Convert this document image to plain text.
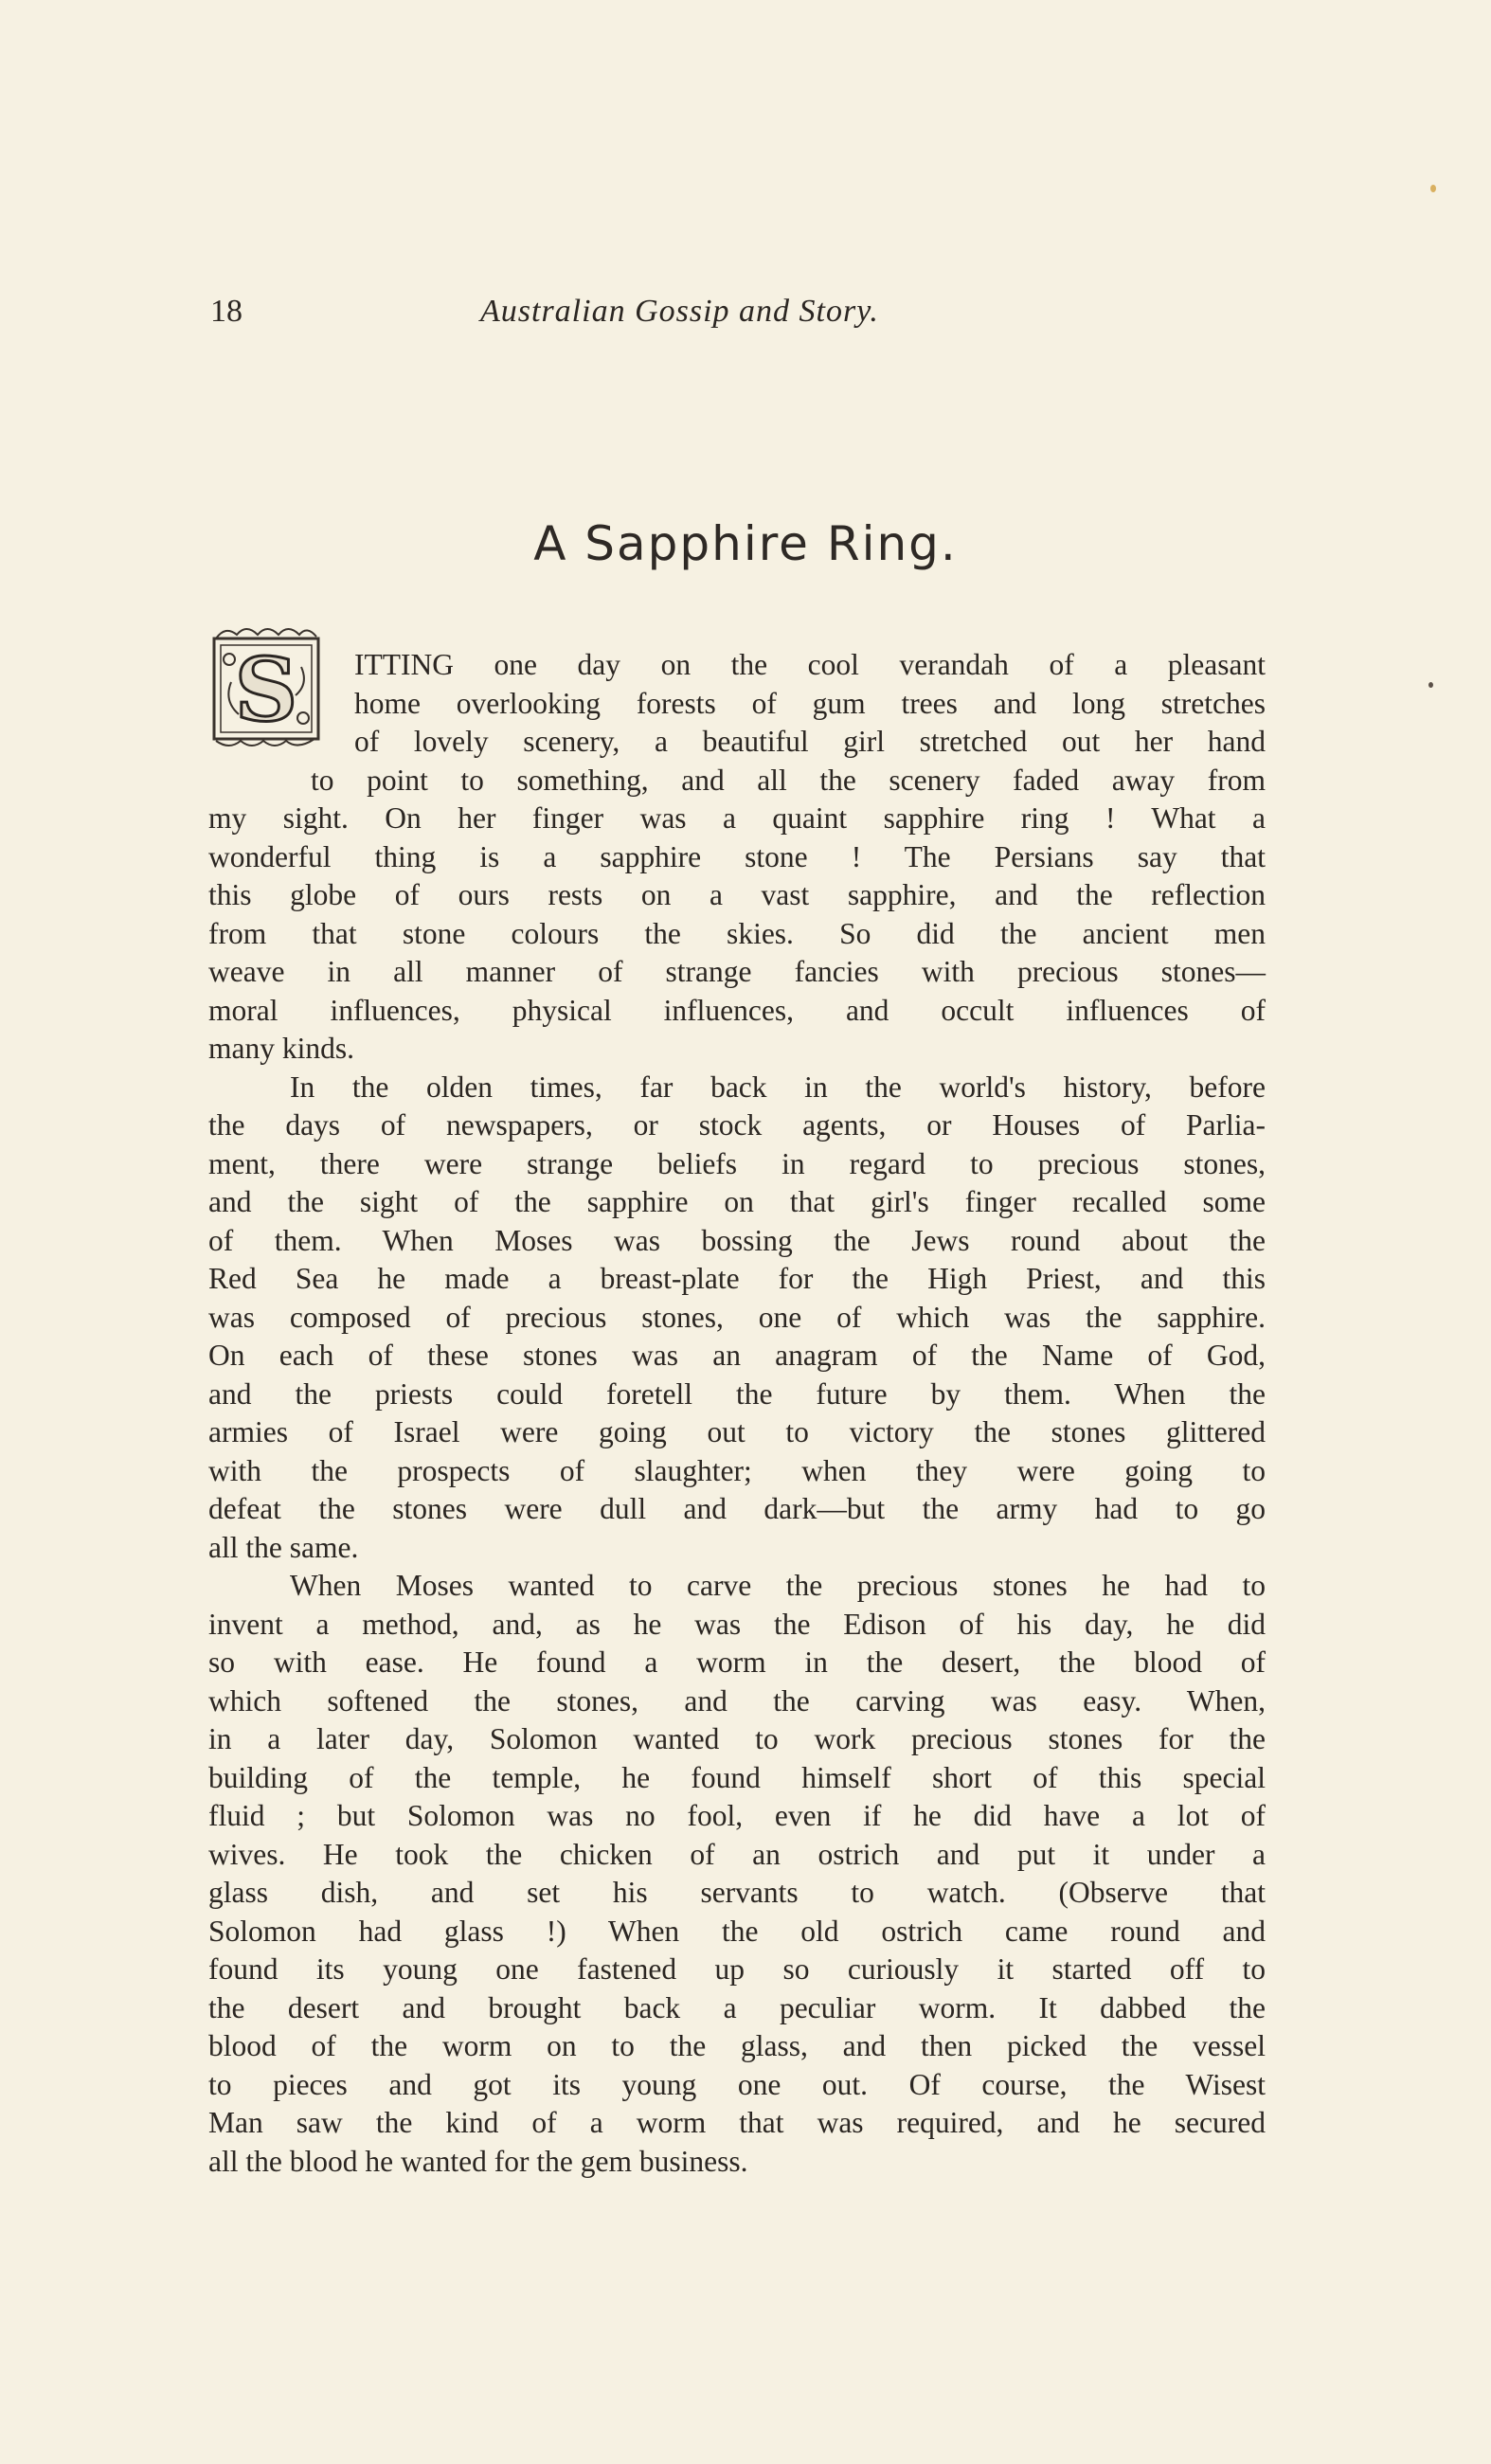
18	Australian Gossip and Story.
A Sapphire Ring.
S	ITTING one day on the cool verandah of a pleasant
home overlooking forests of gum trees and long stretches
of lovely scenery, a beautiful girl stretched out her hand
to point to something, and all the scenery faded away from
my sight. On her finger was a quaint sapphire ring ! What a
wonderful thing is a sapphire stone ! The Persians say that
this globe of ours rests on a vast sapphire, and the reflection
from that stone colours the skies. So did the ancient men
weave in all manner of strange fancies with precious stones—
moral influences, physical influences, and occult influences of
many kinds.
In the olden times, far back in the world's history, before
the days of newspapers, or stock agents, or Houses of Parlia-
ment, there were strange beliefs in regard to precious stones,
and the sight of the sapphire on that girl's finger recalled some
of them. When Moses was bossing the Jews round about the
Red Sea he made a breast-plate for the High Priest, and this
was composed of precious stones, one of which was the sapphire.
On each of these stones was an anagram of the Name of God,
and the priests could foretell the future by them. When the
armies of Israel were going out to victory the stones glittered
with the prospects of slaughter; when they were going to
defeat the stones were dull and dark—but the army had to go
all the same.
When Moses wanted to carve the precious stones he had to
invent a method, and, as he was the Edison of his day, he did
so with ease. He found a worm in the desert, the blood of
which softened the stones, and the carving was easy. When,
in a later day, Solomon wanted to work precious stones for the
building of the temple, he found himself short of this special
fluid ; but Solomon was no fool, even if he did have a lot of
wives. He took the chicken of an ostrich and put it under a
glass dish, and set his servants to watch. (Observe that
Solomon had glass !) When the old ostrich came round and
found its young one fastened up so curiously it started off to
the desert and brought back a peculiar worm. It dabbed the
blood of the worm on to the glass, and then picked the vessel
to pieces and got its young one out. Of course, the Wisest
Man saw the kind of a worm that was required, and he secured
all the blood he wanted for the gem business.
